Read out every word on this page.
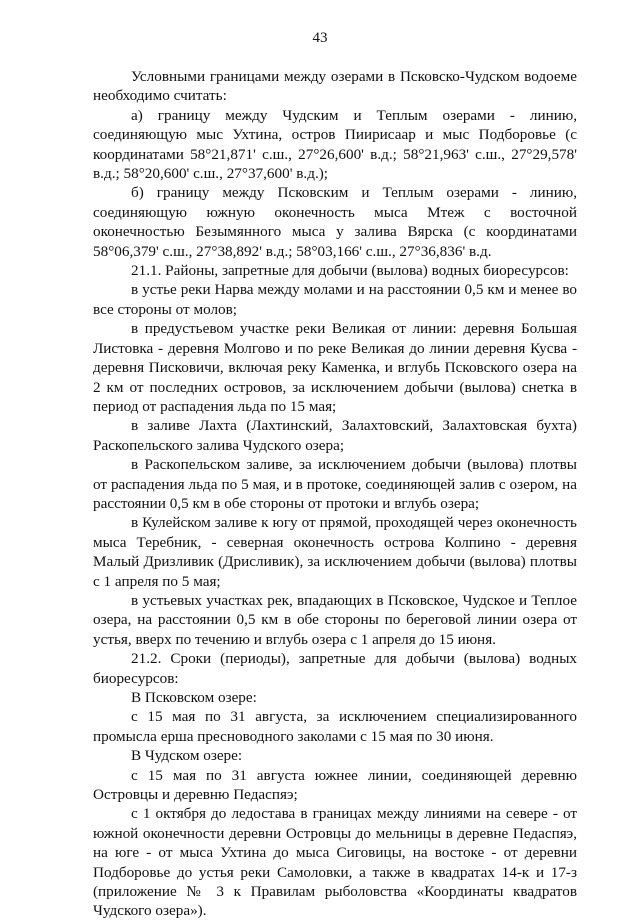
43

Условными границами между озерами в Псковско-Чудском водоеме необходимо считать:

а) границу между Чудским и Теплым озерами - линию, соединяющую мыс Ухтина, остров Пиирисаар и мыс Подборовье (с координатами 58°21,871' с.ш., 27°26,600' в.д.; 58°21,963' с.ш., 27°29,578' в.д.; 58°20,600' с.ш., 27°37,600' в.д.);

б) границу между Псковским и Теплым озерами - линию, соединяющую южную оконечность мыса Мтеж с восточной оконечностью Безымянного мыса у залива Вярска (с координатами 58°06,379' с.ш., 27°38,892' в.д.; 58°03,166' с.ш., 27°36,836' в.д.

21.1. Районы, запретные для добычи (вылова) водных биоресурсов:

в устье реки Нарва между молами и на расстоянии 0,5 км и менее во все стороны от молов;

в предустьевом участке реки Великая от линии: деревня Большая Листовка - деревня Молгово и по реке Великая до линии деревня Кусва - деревня Писковичи, включая реку Каменка, и вглубь Псковского озера на 2 км от последних островов, за исключением добычи (вылова) снетка в период от распадения льда по 15 мая;

в заливе Лахта (Лахтинский, Залахтовский, Залахтовская бухта) Раскопельского залива Чудского озера;

в Раскопельском заливе, за исключением добычи (вылова) плотвы от распадения льда по 5 мая, и в протоке, соединяющей залив с озером, на расстоянии 0,5 км в обе стороны от протоки и вглубь озера;

в Кулейском заливе к югу от прямой, проходящей через оконечность мыса Теребник, - северная оконечность острова Колпино - деревня Малый Дризливик (Дрисливик), за исключением добычи (вылова) плотвы с 1 апреля по 5 мая;

в устьевых участках рек, впадающих в Псковское, Чудское и Теплое озера, на расстоянии 0,5 км в обе стороны по береговой линии озера от устья, вверх по течению и вглубь озера с 1 апреля до 15 июня.

21.2. Сроки (периоды), запретные для добычи (вылова) водных биоресурсов:

В Псковском озере:

с 15 мая по 31 августа, за исключением специализированного промысла ерша пресноводного заколами с 15 мая по 30 июня.

В Чудском озере:

с 15 мая по 31 августа южнее линии, соединяющей деревню Островцы и деревню Педаспяэ;

с 1 октября до ледостава в границах между линиями на севере - от южной оконечности деревни Островцы до мельницы в деревне Педаспяэ, на юге - от мыса Ухтина до мыса Сиговицы, на востоке - от деревни Подборовье до устья реки Самоловки, а также в квадратах 14-к и 17-з (приложение № 3 к Правилам рыболовства «Координаты квадратов Чудского озера»).
